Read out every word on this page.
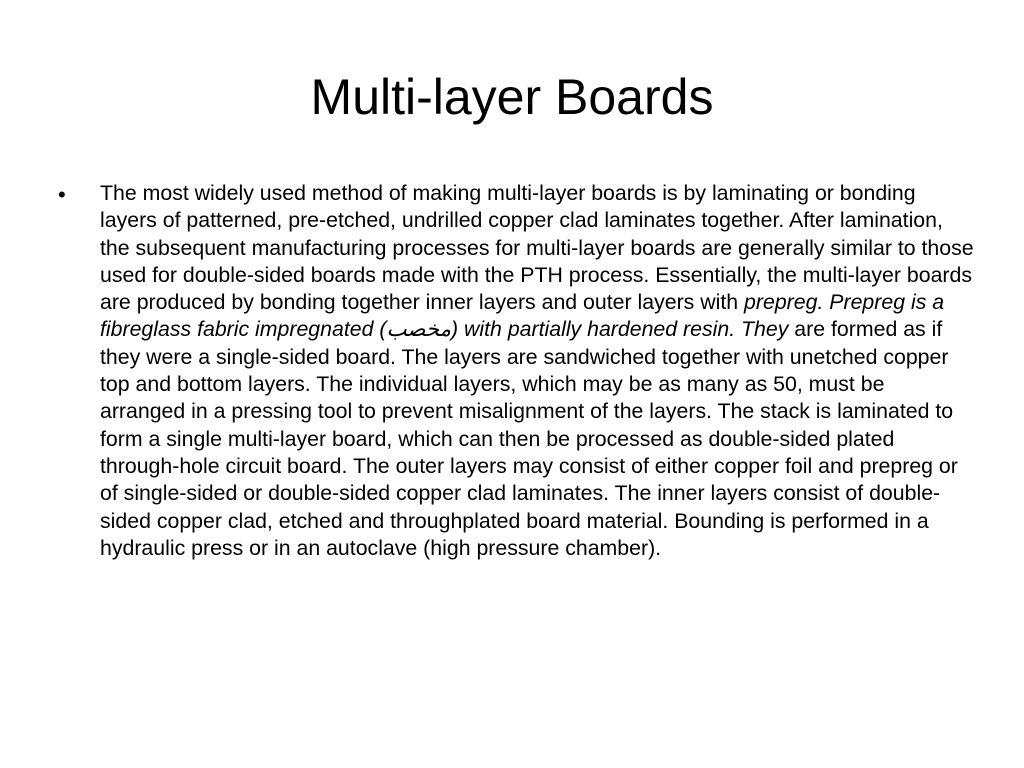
Multi-layer Boards
•	The most widely used method of making multi-layer boards is by laminating or bonding layers of patterned, pre-etched, undrilled copper clad laminates together. After lamination, the subsequent manufacturing processes for multi-layer boards are generally similar to those used for double-sided boards made with the PTH process. Essentially, the multi-layer boards are produced by bonding together inner layers and outer layers with prepreg. Prepreg is a fibreglass fabric impregnated (مخصب) with partially hardened resin. They are formed as if they were a single-sided board. The layers are sandwiched together with unetched copper top and bottom layers. The individual layers, which may be as many as 50, must be arranged in a pressing tool to prevent misalignment of the layers. The stack is laminated to form a single multi-layer board, which can then be processed as double-sided plated through-hole circuit board. The outer layers may consist of either copper foil and prepreg or of single-sided or double-sided copper clad laminates. The inner layers consist of double-sided copper clad, etched and throughplated board material. Bounding is performed in a hydraulic press or in an autoclave (high pressure chamber).
